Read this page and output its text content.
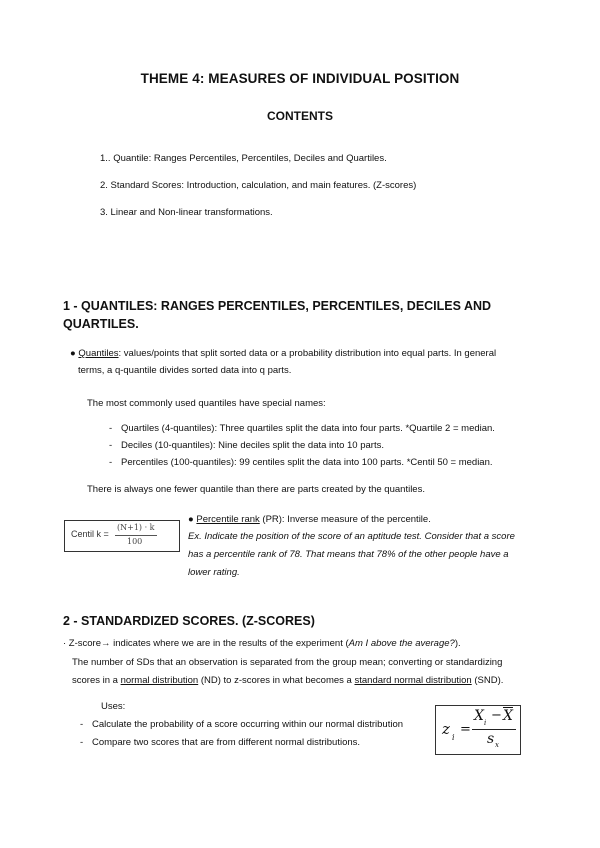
THEME 4: MEASURES OF INDIVIDUAL POSITION
CONTENTS
1.. Quantile: Ranges Percentiles, Percentiles, Deciles and Quartiles.
2. Standard Scores: Introduction, calculation, and main features. (Z-scores)
3. Linear and Non-linear transformations.
1 - QUANTILES: RANGES PERCENTILES, PERCENTILES, DECILES AND
QUARTILES.
● Quantiles: values/points that split sorted data or a probability distribution into equal parts. In general
terms, a q-quantile divides sorted data into q parts.
The most commonly used quantiles have special names:
- Quartiles (4-quantiles): Three quartiles split the data into four parts. *Quartile 2 = median.
- Deciles (10-quantiles): Nine deciles split the data into 10 parts.
- Percentiles (100-quantiles): 99 centiles split the data into 100 parts. *Centil 50 = median.
There is always one fewer quantile than there are parts created by the quantiles.
Centil k =
(N+1) · k
100
● Percentile rank (PR): Inverse measure of the percentile.
Ex. Indicate the position of the score of an aptitude test. Consider that a score
has a percentile rank of 78. That means that 78% of the other people have a
lower rating.
2 - STANDARDIZED SCORES. (Z-SCORES)
· Z-score→ indicates where we are in the results of the experiment (Am I above the average?).
The number of SDs that an observation is separated from the group mean; converting or standardizing
scores in a normal distribution (ND) to z-scores in what becomes a standard normal distribution (SND).
Uses:
- Calculate the probability of a score occurring within our normal distribution
- Compare two scores that are from different normal distributions.
z i
=
X $i - \overline{X}$
s x
